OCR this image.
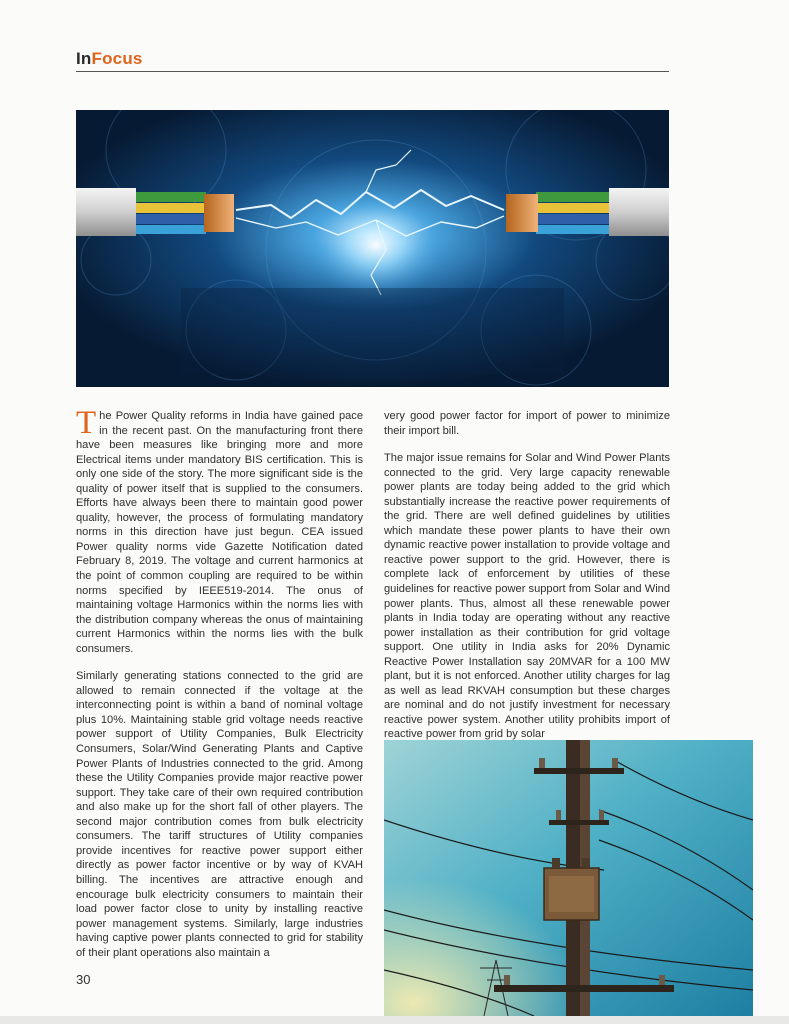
InFocus

The Power Quality reforms in India have gained pace in the recent past. On the manufacturing front there have been measures like bringing more and more Electrical items under mandatory BIS certification. This is only one side of the story. The more significant side is the quality of power itself that is supplied to the consumers. Efforts have always been there to maintain good power quality, however, the process of formulating mandatory norms in this direction have just begun. CEA issued Power quality norms vide Gazette Notification dated February 8, 2019. The voltage and current harmonics at the point of common coupling are required to be within norms specified by IEEE519-2014. The onus of maintaining voltage Harmonics within the norms lies with the distribution company whereas the onus of maintaining current Harmonics within the norms lies with the bulk consumers.

Similarly generating stations connected to the grid are allowed to remain connected if the voltage at the interconnecting point is within a band of nominal voltage plus 10%. Maintaining stable grid voltage needs reactive power support of Utility Companies, Bulk Electricity Consumers, Solar/Wind Generating Plants and Captive Power Plants of Industries connected to the grid. Among these the Utility Companies provide major reactive power support. They take care of their own required contribution and also make up for the short fall of other players. The second major contribution comes from bulk electricity consumers. The tariff structures of Utility companies provide incentives for reactive power support either directly as power factor incentive or by way of KVAH billing. The incentives are attractive enough and encourage bulk electricity consumers to maintain their load power factor close to unity by installing reactive power management systems. Similarly, large industries having captive power plants connected to grid for stability of their plant operations also maintain a

very good power factor for import of power to minimize their import bill.

The major issue remains for Solar and Wind Power Plants connected to the grid. Very large capacity renewable power plants are today being added to the grid which substantially increase the reactive power requirements of the grid. There are well defined guidelines by utilities which mandate these power plants to have their own dynamic reactive power installation to provide voltage and reactive power support to the grid. However, there is complete lack of enforcement by utilities of these guidelines for reactive power support from Solar and Wind power plants. Thus, almost all these renewable power plants in India today are operating without any reactive power installation as their contribution for grid voltage support. One utility in India asks for 20% Dynamic Reactive Power Installation say 20MVAR for a 100 MW plant, but it is not enforced. Another utility charges for lag as well as lead RKVAH consumption but these charges are nominal and do not justify investment for necessary reactive power system. Another utility prohibits import of reactive power from grid by solar

30
